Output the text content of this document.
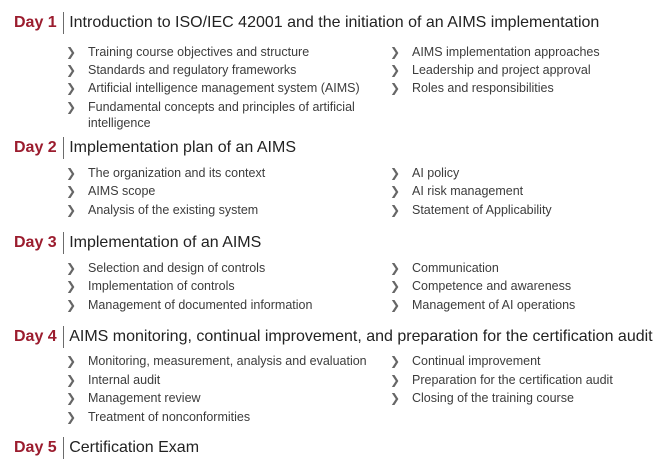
Day 1 Introduction to ISO/IEC 42001 and the initiation of an AIMS implementation
❯ Training course objectives and structure
❯ Standards and regulatory frameworks
❯ Artificial intelligence management system (AIMS)
❯ Fundamental concepts and principles of artificial intelligence
❯ AIMS implementation approaches
❯ Leadership and project approval
❯ Roles and responsibilities
Day 2 Implementation plan of an AIMS
❯ The organization and its context
❯ AIMS scope
❯ Analysis of the existing system
❯ AI policy
❯ AI risk management
❯ Statement of Applicability
Day 3 Implementation of an AIMS
❯ Selection and design of controls
❯ Implementation of controls
❯ Management of documented information
❯ Communication
❯ Competence and awareness
❯ Management of AI operations
Day 4 AIMS monitoring, continual improvement, and preparation for the certification audit
❯ Monitoring, measurement, analysis and evaluation
❯ Internal audit
❯ Management review
❯ Treatment of nonconformities
❯ Continual improvement
❯ Preparation for the certification audit
❯ Closing of the training course
Day 5 Certification Exam
